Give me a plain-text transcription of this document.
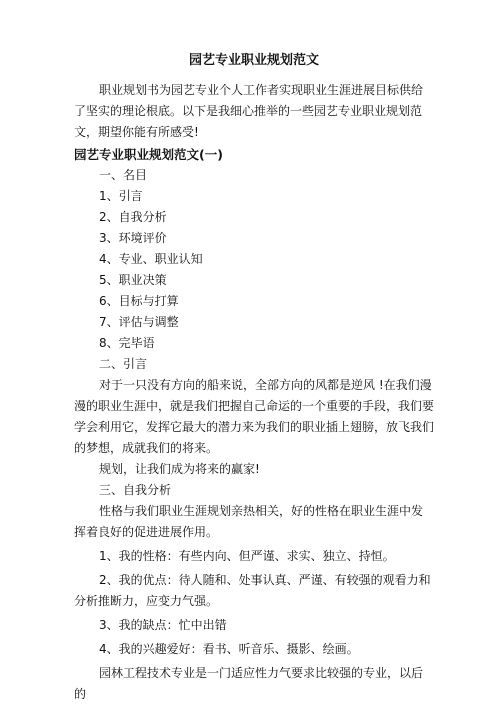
园艺专业职业规划范文

职业规划书为园艺专业个人工作者实现职业生涯进展目标供给了坚实的理论根底。以下是我细心推举的一些园艺专业职业规划范文，期望你能有所感受!

园艺专业职业规划范文(一)

一、名目

1、引言

2、自我分析

3、环境评价

4、专业、职业认知

5、职业决策

6、目标与打算

7、评估与调整

8、完毕语

二、引言

对于一只没有方向的船来说，全部方向的风都是逆风 !在我们漫漫的职业生涯中，就是我们把握自己命运的一个重要的手段，我们要学会利用它，发挥它最大的潜力来为我们的职业插上翅膀，放飞我们的梦想，成就我们的将来。

规划，让我们成为将来的赢家!

三、自我分析

性格与我们职业生涯规划亲热相关，好的性格在职业生涯中发挥着良好的促进进展作用。

1、我的性格：有些内向、但严谨、求实、独立、持恒。

2、我的优点：待人随和、处事认真、严谨、有较强的观看力和分析推断力，应变力气强。

3、我的缺点：忙中出错

4、我的兴趣爱好：看书、听音乐、摄影、绘画。

园林工程技术专业是一门适应性力气要求比较强的专业，以后的
